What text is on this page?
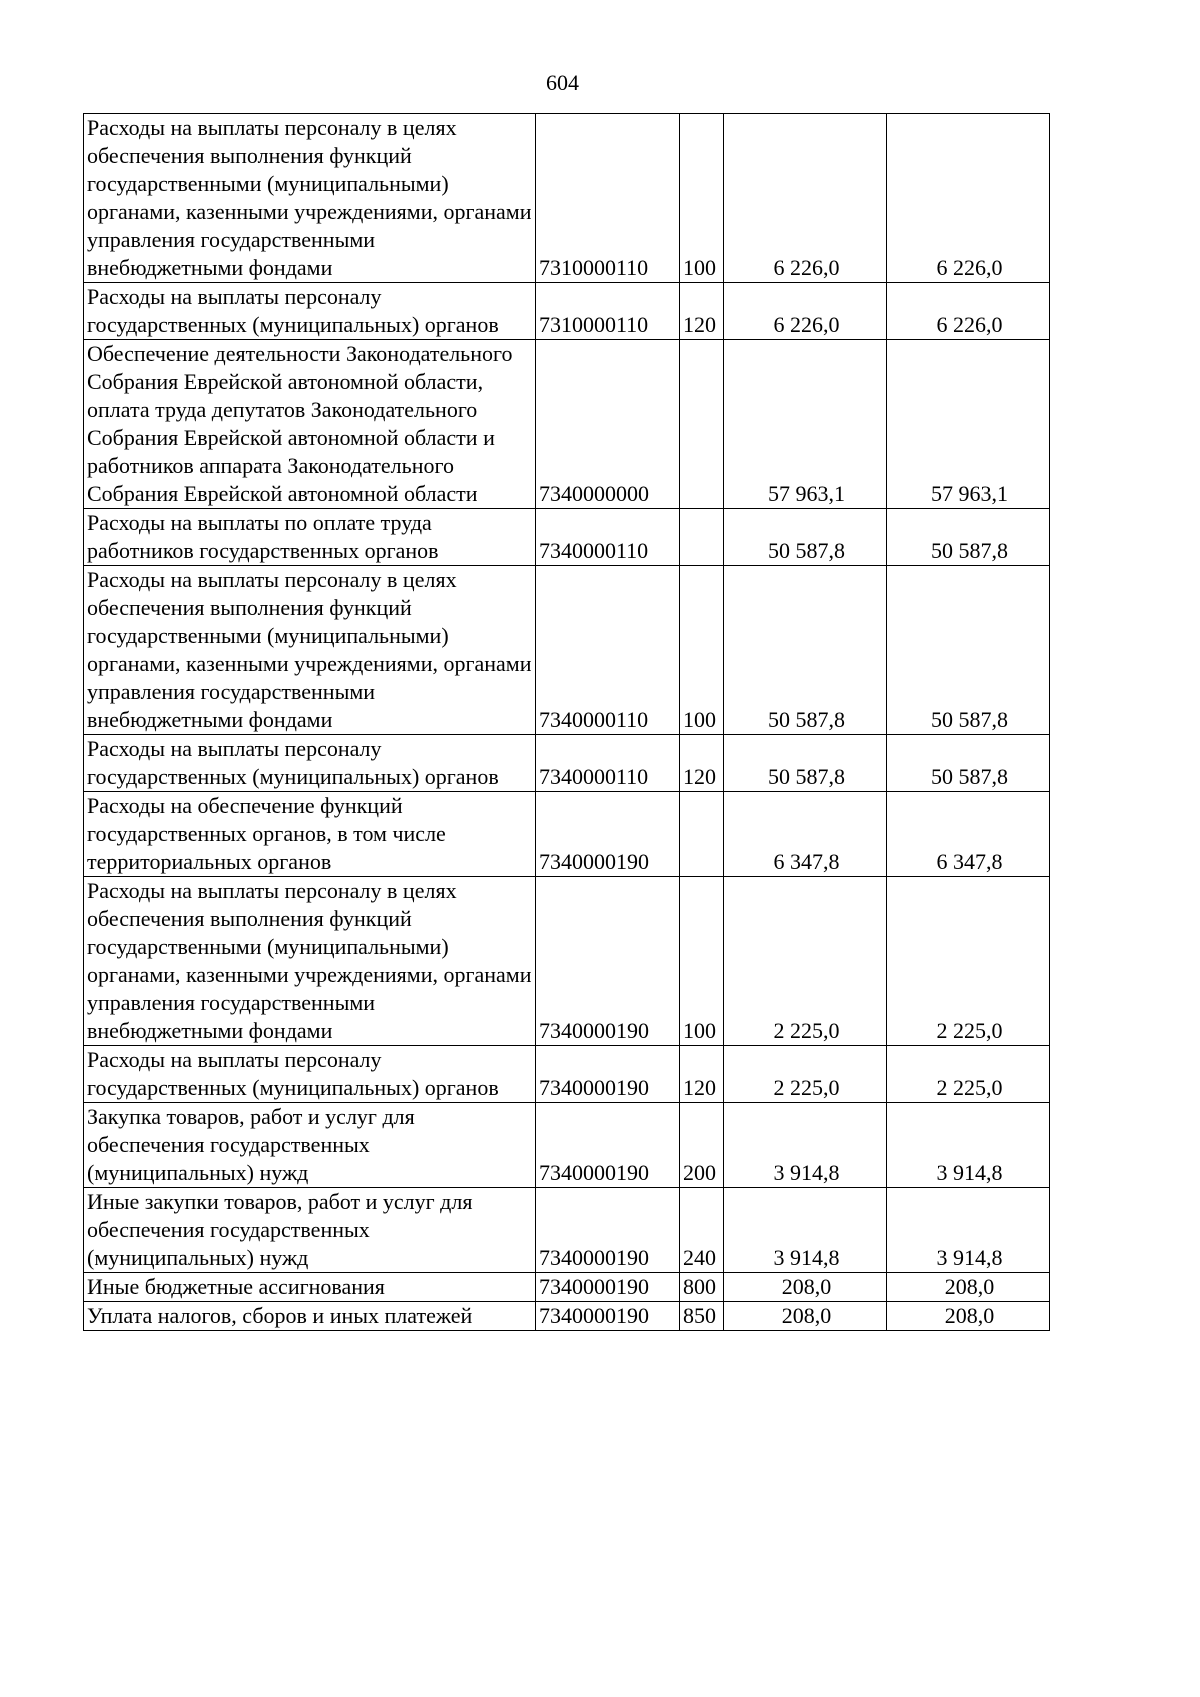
604
Расходы на выплаты персоналу в целях обеспечения выполнения функций государственными (муниципальными) органами, казенными учреждениями, органами управления государственными внебюджетными фондами	7310000110	100	6 226,0	6 226,0
Расходы на выплаты персоналу государственных (муниципальных) органов	7310000110	120	6 226,0	6 226,0
Обеспечение деятельности Законодательного Собрания Еврейской автономной области, оплата труда депутатов Законодательного Собрания Еврейской автономной области и работников аппарата Законодательного Собрания Еврейской автономной области	7340000000		57 963,1	57 963,1
Расходы на выплаты по оплате труда работников государственных органов	7340000110		50 587,8	50 587,8
Расходы на выплаты персоналу в целях обеспечения выполнения функций государственными (муниципальными) органами, казенными учреждениями, органами управления государственными внебюджетными фондами	7340000110	100	50 587,8	50 587,8
Расходы на выплаты персоналу государственных (муниципальных) органов	7340000110	120	50 587,8	50 587,8
Расходы на обеспечение функций государственных органов, в том числе территориальных органов	7340000190		6 347,8	6 347,8
Расходы на выплаты персоналу в целях обеспечения выполнения функций государственными (муниципальными) органами, казенными учреждениями, органами управления государственными внебюджетными фондами	7340000190	100	2 225,0	2 225,0
Расходы на выплаты персоналу государственных (муниципальных) органов	7340000190	120	2 225,0	2 225,0
Закупка товаров, работ и услуг для обеспечения государственных (муниципальных) нужд	7340000190	200	3 914,8	3 914,8
Иные закупки товаров, работ и услуг для обеспечения государственных (муниципальных) нужд	7340000190	240	3 914,8	3 914,8
Иные бюджетные ассигнования	7340000190	800	208,0	208,0
Уплата налогов, сборов и иных платежей	7340000190	850	208,0	208,0
